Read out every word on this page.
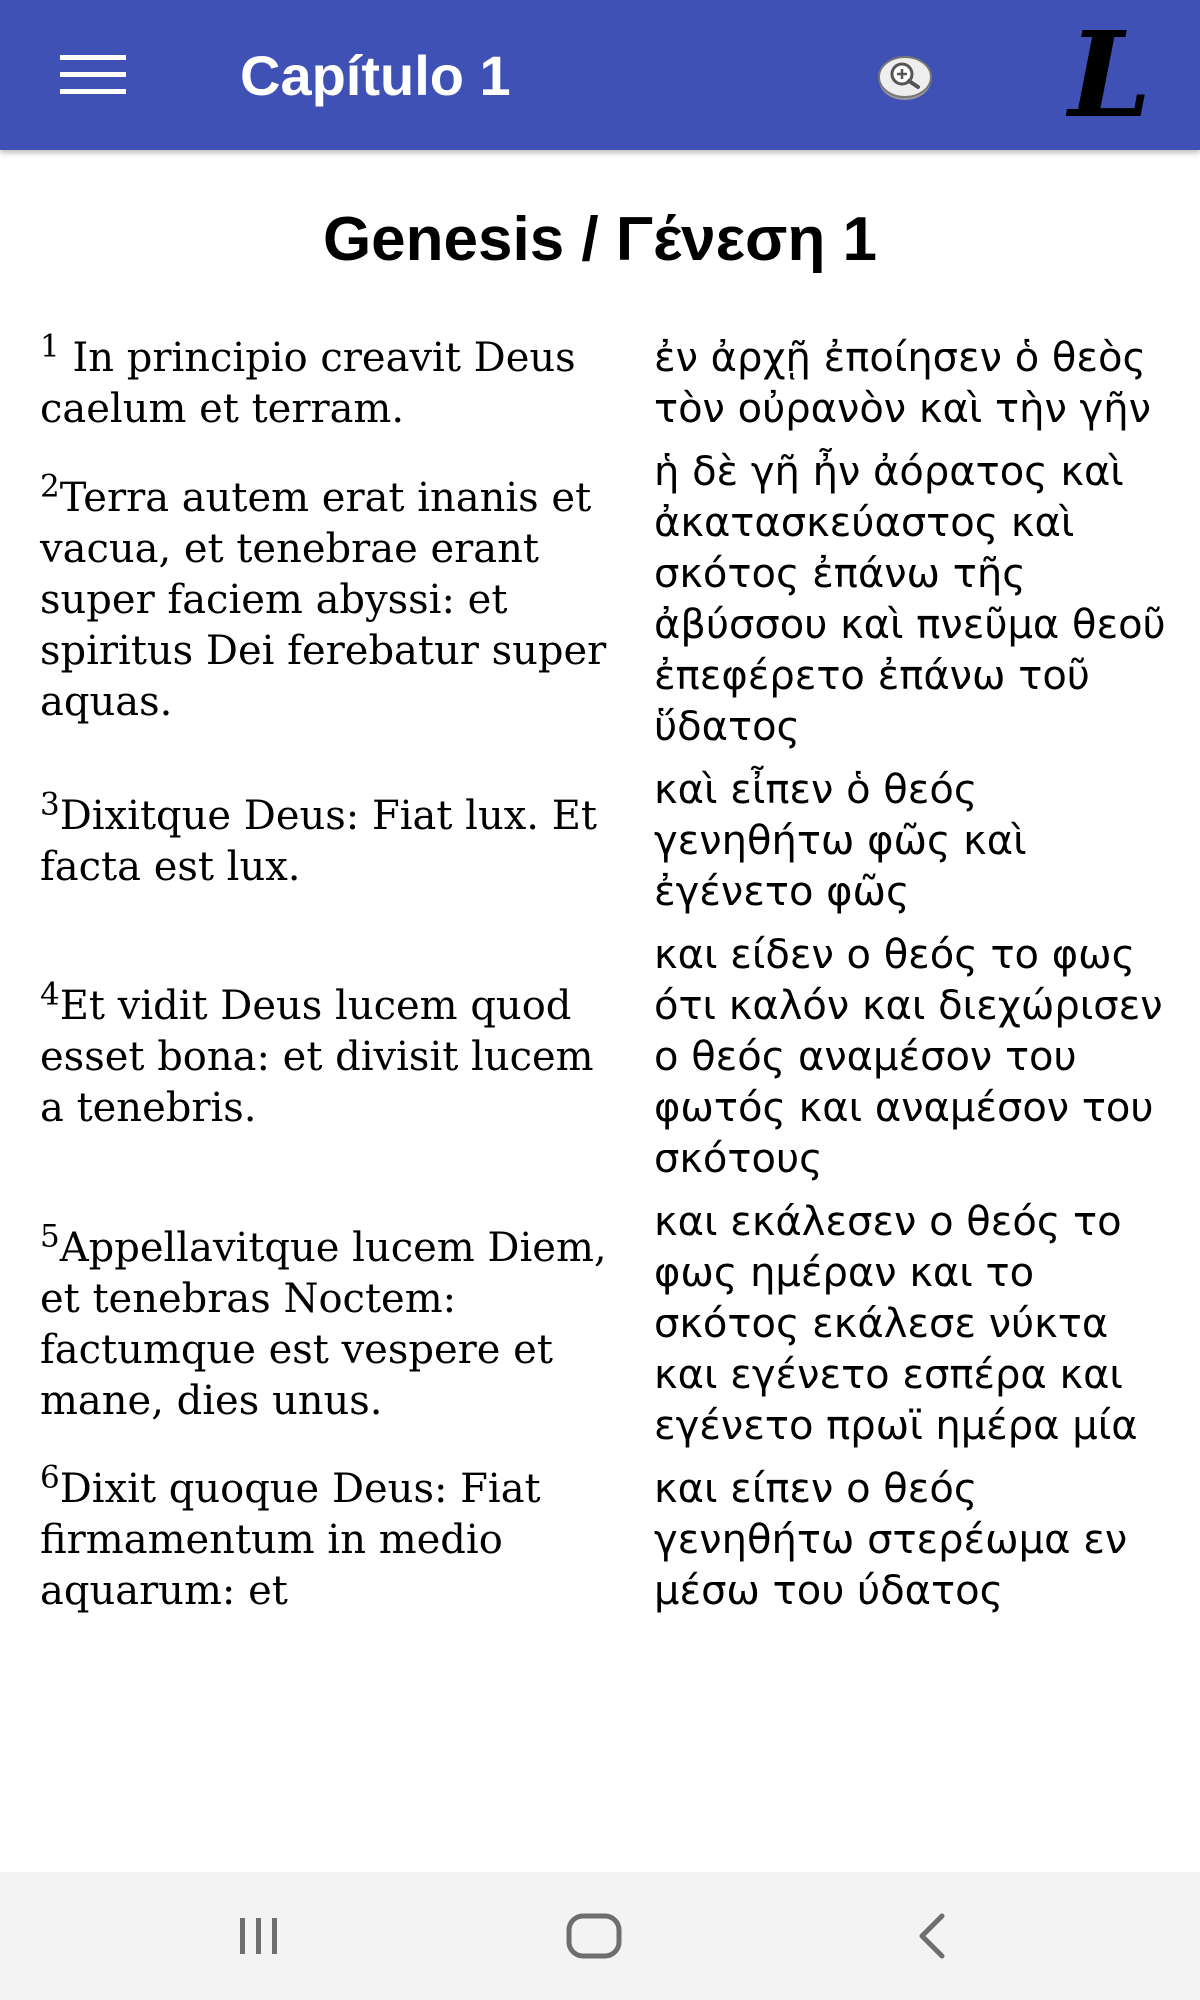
Capítulo 1	L
Genesis / Γένεση 1
$^1$ In principio creavit Deus caelum et terram.
ἐν ἀρχῇ ἐποίησεν ὁ θεὸς τὸν οὐρανὸν καὶ τὴν γῆν
$^2$Terra autem erat inanis et vacua, et tenebrae erant super faciem abyssi: et spiritus Dei ferebatur super aquas.
ἡ δὲ γῆ ἦν ἀόρατος καὶ ἀκατασκεύαστος καὶ σκότος ἐπάνω τῆς ἀβύσσου καὶ πνεῦμα θεοῦ ἐπεφέρετο ἐπάνω τοῦ ὕδατος
$^3$Dixitque Deus: Fiat lux. Et facta est lux.
καὶ εἶπεν ὁ θεός γενηθήτω φῶς καὶ ἐγένετο φῶς
$^4$Et vidit Deus lucem quod esset bona: et divisit lucem a tenebris.
και είδεν ο θεός το φως ότι καλόν και διεχώρισεν ο θεός αναμέσον του φωτός και αναμέσον του σκότους
$^5$Appellavitque lucem Diem, et tenebras Noctem: factumque est vespere et mane, dies unus.
και εκάλεσεν ο θεός το φως ημέραν και το σκότος εκάλεσε νύκτα και εγένετο εσπέρα και εγένετο πρωϊ ημέρα μία
$^6$Dixit quoque Deus: Fiat firmamentum in medio aquarum: et
και είπεν ο θεός γενηθήτω στερέωμα εν μέσω του ύδατος
